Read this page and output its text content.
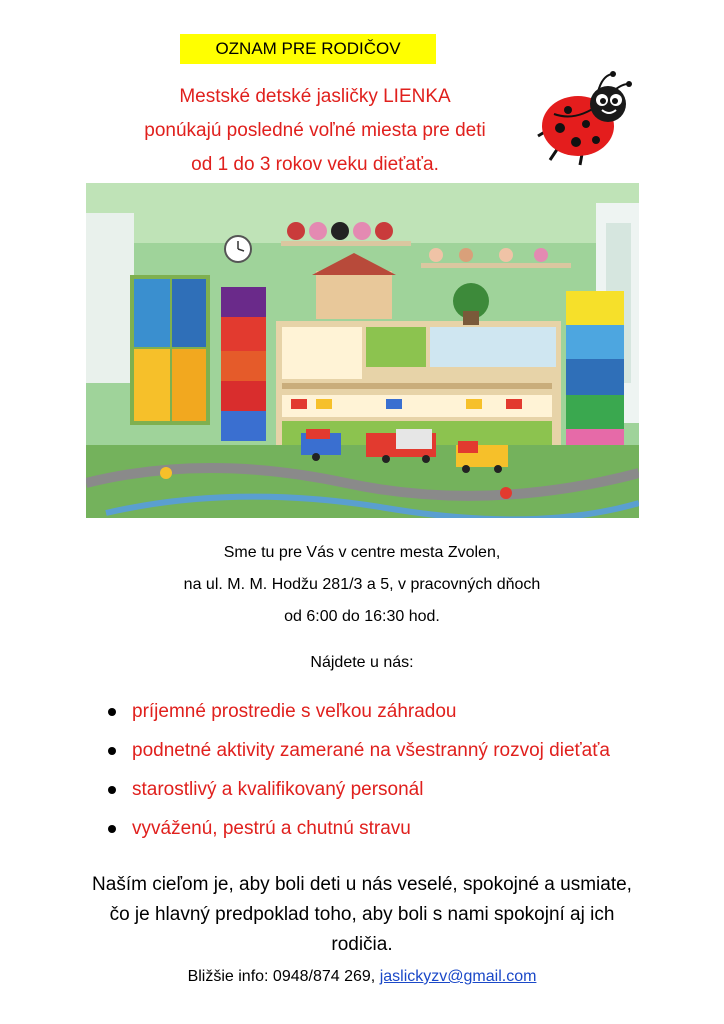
OZNAM PRE RODIČOV
Mestské detské jasličky LIENKA
ponúkajú posledné voľné miesta pre deti
od 1 do 3 rokov veku dieťaťa.
Sme tu pre Vás v centre mesta Zvolen,
na ul. M. M. Hodžu 281/3 a 5, v pracovných dňoch
od 6:00 do 16:30 hod.
Nájdete u nás:
príjemné prostredie s veľkou záhradou
podnetné aktivity zamerané na všestranný rozvoj dieťaťa
starostlivý a kvalifikovaný personál
vyváženú, pestrú a chutnú stravu
Naším cieľom je, aby boli deti u nás veselé, spokojné a usmiate, čo je hlavný predpoklad toho, aby boli s nami spokojní aj ich rodičia.
Bližšie info: 0948/874 269, jaslickyzv@gmail.com
